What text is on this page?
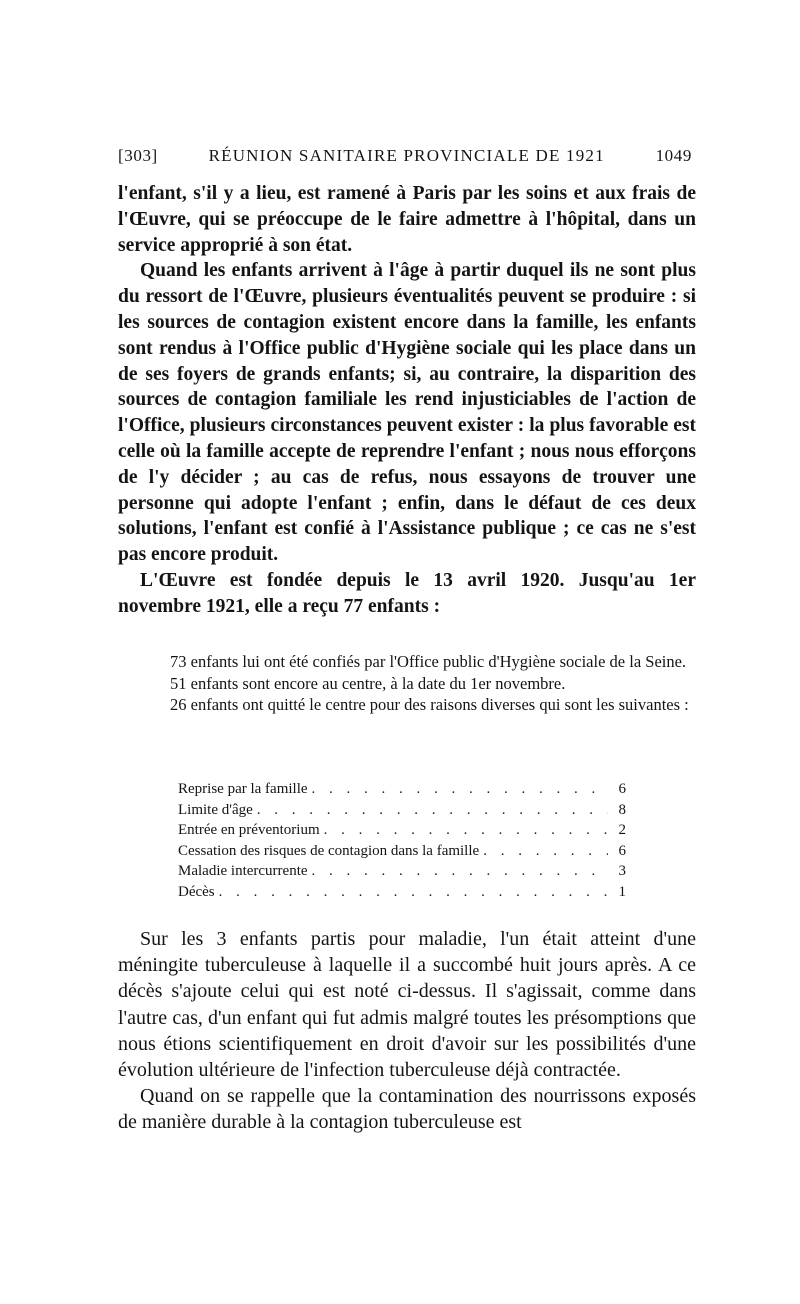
[303]	RÉUNION SANITAIRE PROVINCIALE DE 1921	1049

l'enfant, s'il y a lieu, est ramené à Paris par les soins et aux frais de l'Œuvre, qui se préoccupe de le faire admettre à l'hôpital, dans un service approprié à son état.

Quand les enfants arrivent à l'âge à partir duquel ils ne sont plus du ressort de l'Œuvre, plusieurs éventualités peuvent se produire : si les sources de contagion existent encore dans la famille, les enfants sont rendus à l'Office public d'Hygiène sociale qui les place dans un de ses foyers de grands enfants; si, au contraire, la disparition des sources de contagion familiale les rend injusticiables de l'action de l'Office, plusieurs circonstances peuvent exister : la plus favorable est celle où la famille accepte de reprendre l'enfant ; nous nous efforçons de l'y décider ; au cas de refus, nous essayons de trouver une personne qui adopte l'enfant ; enfin, dans le défaut de ces deux solutions, l'enfant est confié à l'Assistance publique ; ce cas ne s'est pas encore produit.

L'Œuvre est fondée depuis le 13 avril 1920. Jusqu'au 1er novembre 1921, elle a reçu 77 enfants :

73 enfants lui ont été confiés par l'Office public d'Hygiène sociale de la Seine.
51 enfants sont encore au centre, à la date du 1er novembre.
26 enfants ont quitté le centre pour des raisons diverses qui sont les suivantes :
Reprise par la famille . . .	6
Limite d'âge . . .	8
Entrée en préventorium . . .	2
Cessation des risques de contagion dans la famille . . .	6
Maladie intercurrente . . .	3
Décès . . .	1

Sur les 3 enfants partis pour maladie, l'un était atteint d'une méningite tuberculeuse à laquelle il a succombé huit jours après. A ce décès s'ajoute celui qui est noté ci-dessus. Il s'agissait, comme dans l'autre cas, d'un enfant qui fut admis malgré toutes les présomptions que nous étions scientifiquement en droit d'avoir sur les possibilités d'une évolution ultérieure de l'infection tuberculeuse déjà contractée.

Quand on se rappelle que la contamination des nourrissons exposés de manière durable à la contagion tuberculeuse est
